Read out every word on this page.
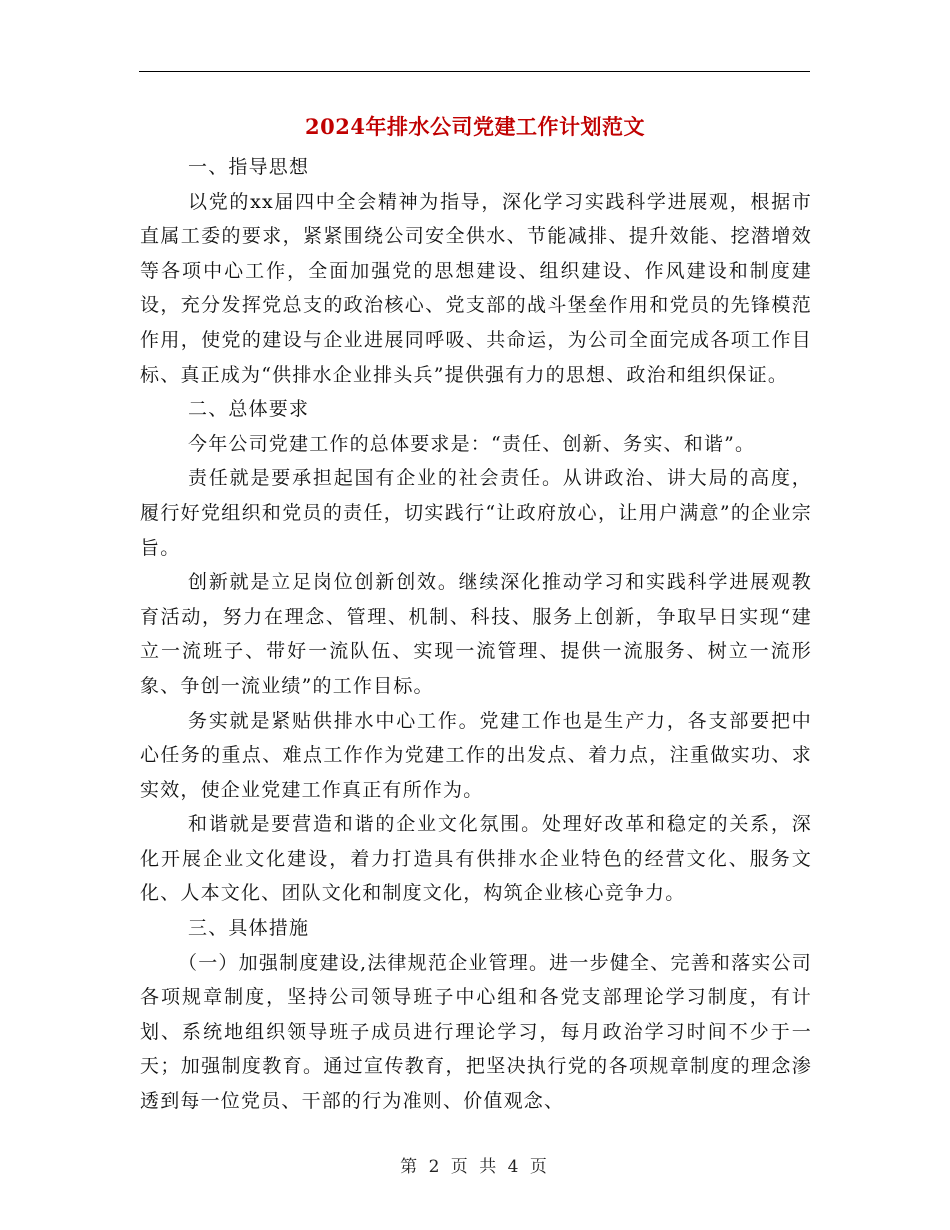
2024年排水公司党建工作计划范文

一、指导思想

以党的xx届四中全会精神为指导，深化学习实践科学进展观，根据市直属工委的要求，紧紧围绕公司安全供水、节能减排、提升效能、挖潜增效等各项中心工作，全面加强党的思想建设、组织建设、作风建设和制度建设，充分发挥党总支的政治核心、党支部的战斗堡垒作用和党员的先锋模范作用，使党的建设与企业进展同呼吸、共命运，为公司全面完成各项工作目标、真正成为“供排水企业排头兵”提供强有力的思想、政治和组织保证。

二、总体要求

今年公司党建工作的总体要求是：“责任、创新、务实、和谐”。

责任就是要承担起国有企业的社会责任。从讲政治、讲大局的高度，履行好党组织和党员的责任，切实践行“让政府放心，让用户满意”的企业宗旨。

创新就是立足岗位创新创效。继续深化推动学习和实践科学进展观教育活动，努力在理念、管理、机制、科技、服务上创新，争取早日实现“建立一流班子、带好一流队伍、实现一流管理、提供一流服务、树立一流形象、争创一流业绩”的工作目标。

务实就是紧贴供排水中心工作。党建工作也是生产力，各支部要把中心任务的重点、难点工作作为党建工作的出发点、着力点，注重做实功、求实效，使企业党建工作真正有所作为。

和谐就是要营造和谐的企业文化氛围。处理好改革和稳定的关系，深化开展企业文化建设，着力打造具有供排水企业特色的经营文化、服务文化、人本文化、团队文化和制度文化，构筑企业核心竞争力。

三、具体措施

（一）加强制度建设,法律规范企业管理。进一步健全、完善和落实公司各项规章制度，坚持公司领导班子中心组和各党支部理论学习制度，有计划、系统地组织领导班子成员进行理论学习，每月政治学习时间不少于一天；加强制度教育。通过宣传教育，把坚决执行党的各项规章制度的理念渗透到每一位党员、干部的行为准则、价值观念、

第 2 页 共 4 页
